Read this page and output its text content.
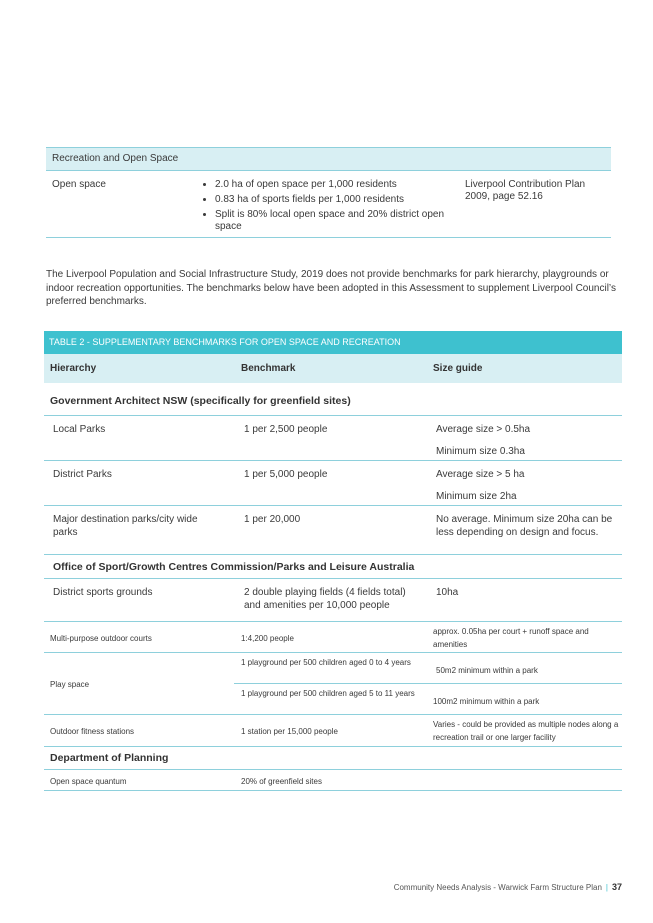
Recreation and Open Space
Open space
•	2.0 ha of open space per 1,000 residents
• 0.83 ha of sports fields per 1,000 residents
• Split is 80% local open space and 20% district open space
Liverpool Contribution Plan 2009, page 52.16

The Liverpool Population and Social Infrastructure Study, 2019 does not provide benchmarks for park hierarchy, playgrounds or indoor recreation opportunities. The benchmarks below have been adopted in this Assessment to supplement Liverpool Council’s preferred benchmarks.

TABLE 2 - SUPPLEMENTARY BENCHMARKS FOR OPEN SPACE AND RECREATION
Hierarchy	Benchmark	Size guide
Government Architect NSW (specifically for greenfield sites)
Local Parks	1 per 2,500 people	Average size > 0.5ha
Minimum size 0.3ha
District Parks	1 per 5,000 people	Average size > 5 ha
Minimum size 2ha
Major destination parks/city wide parks
1 per 20,000	No average. Minimum size 20ha can be less depending on design and focus.
Office of Sport/Growth Centres Commission/Parks and Leisure Australia
District sports grounds	2 double playing fields (4 fields total) and amenities per 10,000 people
10ha
Multi-purpose outdoor courts	1:4,200 people
approx. 0.05ha per court + runoff space and amenities
Play space
1 playground per 500 children aged 0 to 4 years
50m2 minimum within a park
1 playground per 500 children aged 5 to 11 years
100m2 minimum within a park
Outdoor fitness stations	1 station per 15,000 people
Varies - could be provided as multiple nodes along a recreation trail or one larger facility
Department of Planning
Open space quantum	20% of greenfield sites
Community Needs Analysis - Warwick Farm Structure Plan | 37
